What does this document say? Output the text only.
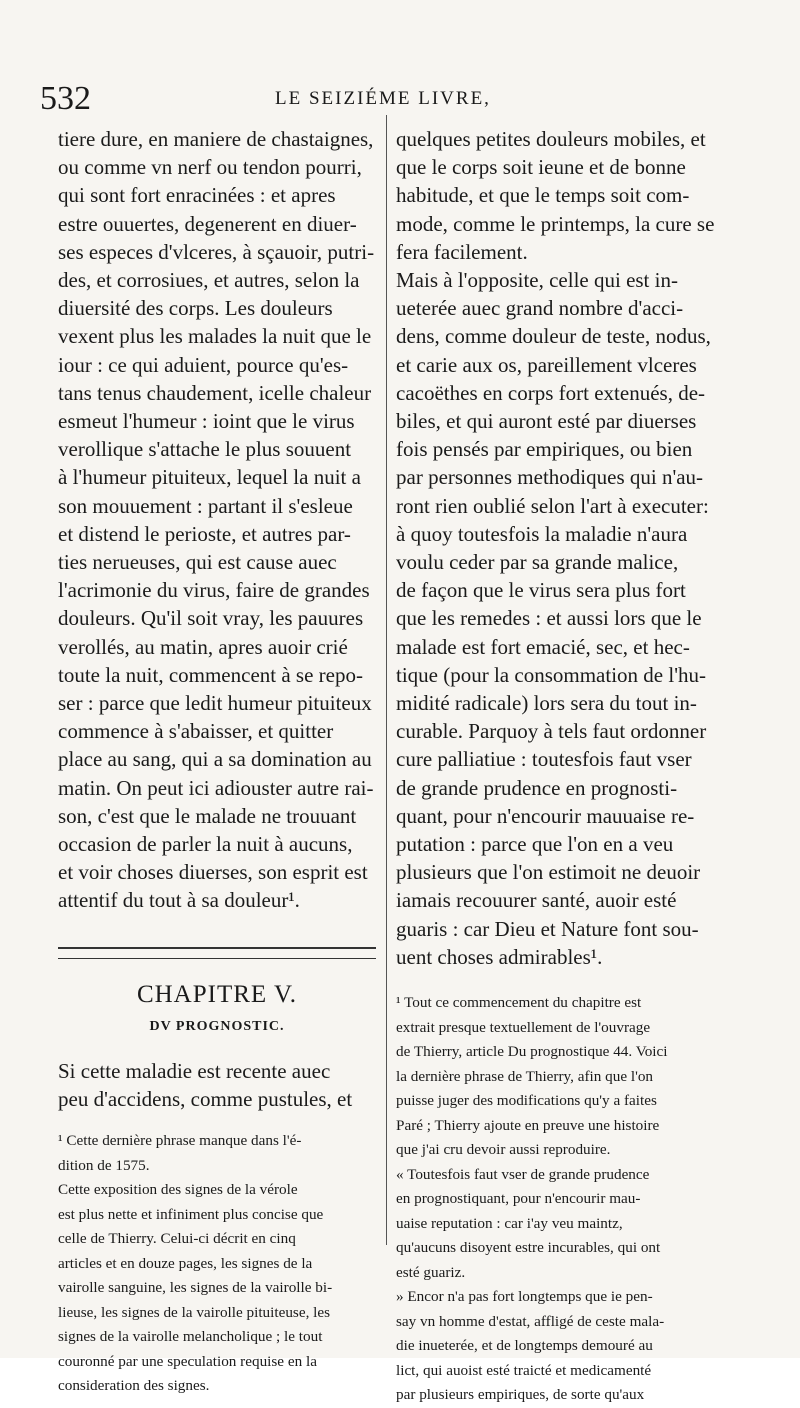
532	LE SEIZIÉME LIVRE,
tiere dure, en maniere de chastaignes,
ou comme vn nerf ou tendon pourri,
qui sont fort enracinées : et apres
estre ouuertes, degenerent en diuer-
ses especes d'vlceres, à sçauoir, putri-
des, et corrosiues, et autres, selon la
diuersité des corps. Les douleurs
vexent plus les malades la nuit que le
iour : ce qui aduient, pource qu'es-
tans tenus chaudement, icelle chaleur
esmeut l'humeur : ioint que le virus
verollique s'attache le plus souuent
à l'humeur pituiteux, lequel la nuit a
son mouuement : partant il s'esleue
et distend le perioste, et autres par-
ties nerueuses, qui est cause auec
l'acrimonie du virus, faire de grandes
douleurs. Qu'il soit vray, les pauures
verollés, au matin, apres auoir crié
toute la nuit, commencent à se repo-
ser : parce que ledit humeur pituiteux
commence à s'abaisser, et quitter
place au sang, qui a sa domination au
matin. On peut ici adiouster autre rai-
son, c'est que le malade ne trouuant
occasion de parler la nuit à aucuns,
et voir choses diuerses, son esprit est
attentif du tout à sa douleur¹.
CHAPITRE V.
DV PROGNOSTIC.
Si cette maladie est recente auec
peu d'accidens, comme pustules, et
¹ Cette dernière phrase manque dans l'é-
dition de 1575.
Cette exposition des signes de la vérole
est plus nette et infiniment plus concise que
celle de Thierry. Celui-ci décrit en cinq
articles et en douze pages, les signes de la
vairolle sanguine, les signes de la vairolle bi-
lieuse, les signes de la vairolle pituiteuse, les
signes de la vairolle melancholique ; le tout
couronné par une speculation requise en la
consideration des signes.
quelques petites douleurs mobiles, et
que le corps soit ieune et de bonne
habitude, et que le temps soit com-
mode, comme le printemps, la cure se
fera facilement.
Mais à l'opposite, celle qui est in-
ueterée auec grand nombre d'acci-
dens, comme douleur de teste, nodus,
et carie aux os, pareillement vlceres
cacoëthes en corps fort extenués, de-
biles, et qui auront esté par diuerses
fois pensés par empiriques, ou bien
par personnes methodiques qui n'au-
ront rien oublié selon l'art à executer:
à quoy toutesfois la maladie n'aura
voulu ceder par sa grande malice,
de façon que le virus sera plus fort
que les remedes : et aussi lors que le
malade est fort emacié, sec, et hec-
tique (pour la consommation de l'hu-
midité radicale) lors sera du tout in-
curable. Parquoy à tels faut ordonner
cure palliatiue : toutesfois faut vser
de grande prudence en prognosti-
quant, pour n'encourir mauuaise re-
putation : parce que l'on en a veu
plusieurs que l'on estimoit ne deuoir
iamais recouurer santé, auoir esté
guaris : car Dieu et Nature font sou-
uent choses admirables¹.
¹ Tout ce commencement du chapitre est
extrait presque textuellement de l'ouvrage
de Thierry, article Du prognostique 44. Voici
la dernière phrase de Thierry, afin que l'on
puisse juger des modifications qu'y a faites
Paré ; Thierry ajoute en preuve une histoire
que j'ai cru devoir aussi reproduire.
« Toutesfois faut vser de grande prudence
en prognostiquant, pour n'encourir mau-
uaise reputation : car i'ay veu maintz,
qu'aucuns disoyent estre incurables, qui ont
esté guariz.
» Encor n'a pas fort longtemps que ie pen-
say vn homme d'estat, affligé de ceste mala-
die inueterée, et de longtemps demouré au
lict, qui auoist esté traicté et medicamenté
par plusieurs empiriques, de sorte qu'aux
